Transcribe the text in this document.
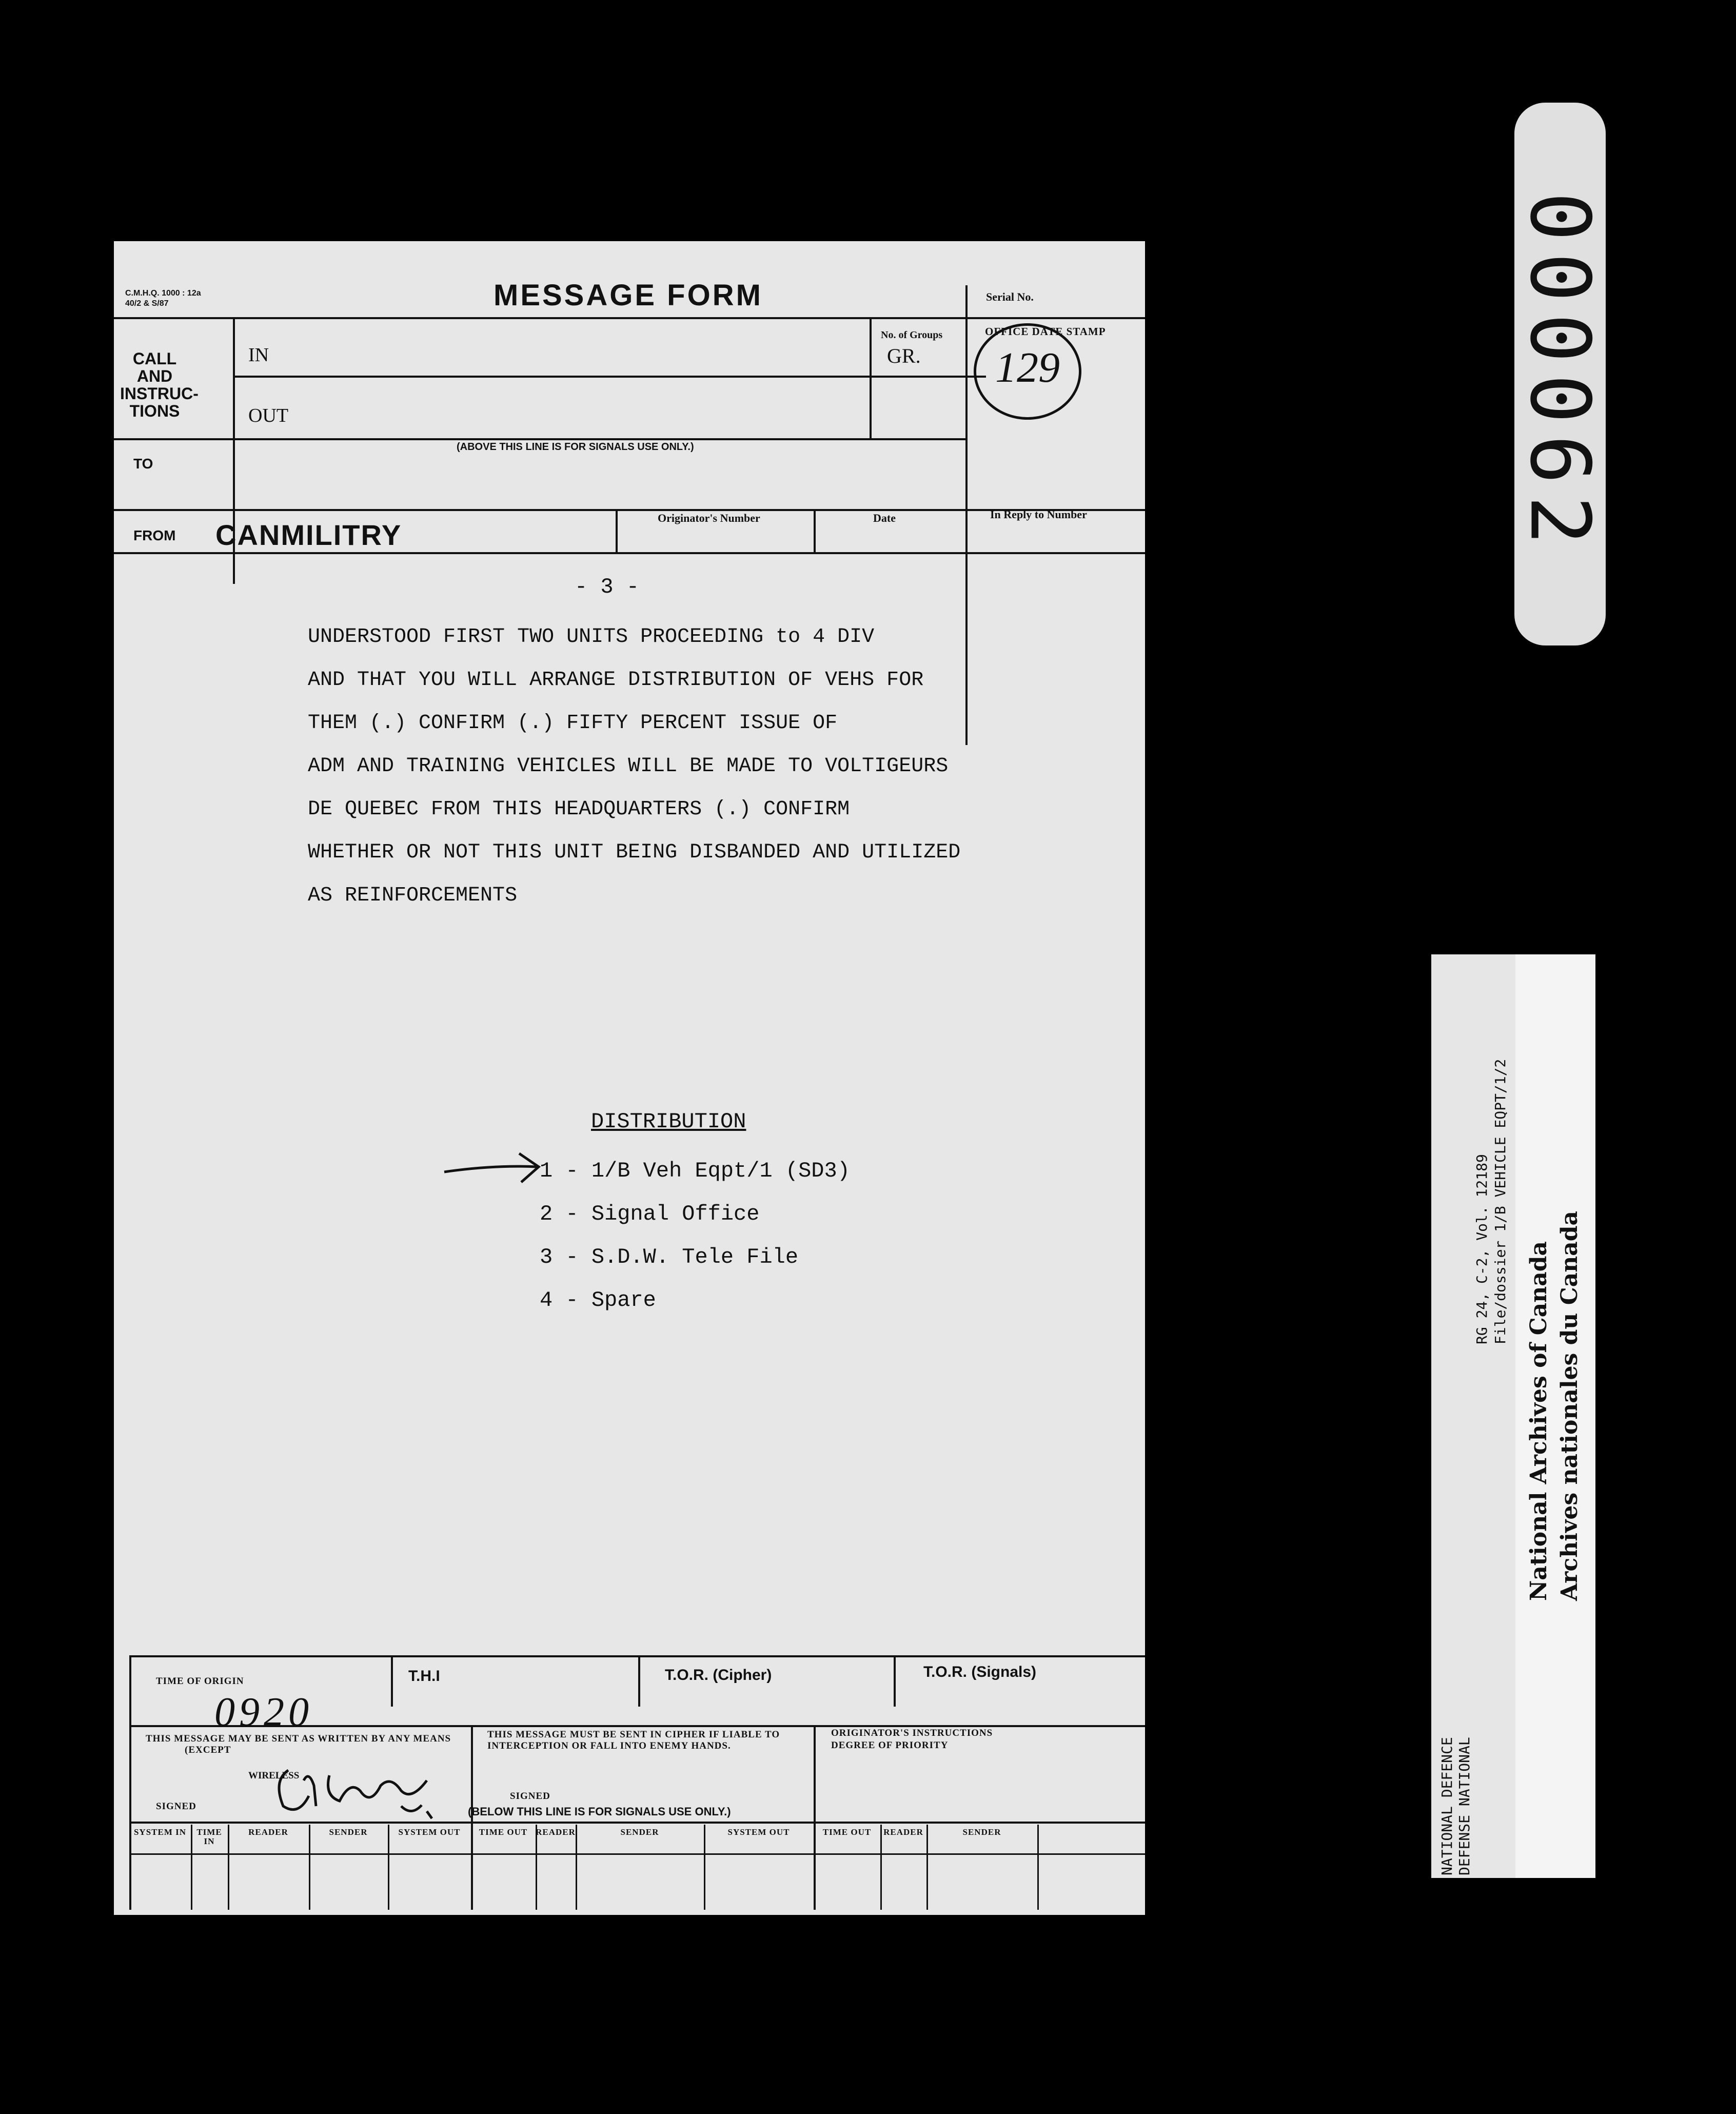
C.M.H.Q. 1000 : 12a
40/2 & S/87	MESSAGE FORM	Serial No.
CALL AND INSTRUC-TIONS
IN
OUT
No. of Groups
GR.
OFFICE DATE STAMP
129
(ABOVE THIS LINE IS FOR SIGNALS USE ONLY.)
TO
FROM CANMILITRY
Originator's Number	Date	In Reply to Number
- 3 -
UNDERSTOOD FIRST TWO UNITS PROCEEDING to 4 DIV
AND THAT YOU WILL ARRANGE DISTRIBUTION OF VEHS FOR
THEM (.) CONFIRM (.) FIFTY PERCENT ISSUE OF
ADM AND TRAINING VEHICLES WILL BE MADE TO VOLTIGEURS
DE QUEBEC FROM THIS HEADQUARTERS (.) CONFIRM
WHETHER OR NOT THIS UNIT BEING DISBANDED AND UTILIZED
AS REINFORCEMENTS
DISTRIBUTION
1 - 1/B Veh Eqpt/1 (SD3)
2 - Signal Office
3 - S.D.W. Tele File
4 - Spare
TIME OF ORIGIN
0920
T.H.I	T.O.R. (Cipher)	T.O.R. (Signals)
THIS MESSAGE MAY BE SENT AS WRITTEN BY ANY MEANS
(EXCEPT
WIRELESS
SIGNED
THIS MESSAGE MUST BE SENT IN CIPHER IF LIABLE TO
INTERCEPTION OR FALL INTO ENEMY HANDS.
SIGNED
ORIGINATOR'S INSTRUCTIONS
DEGREE OF PRIORITY
(BELOW THIS LINE IS FOR SIGNALS USE ONLY.)
SYSTEM IN	TIME IN
READER	SENDER	SYSTEM OUT	TIME OUT READER	SENDER	SYSTEM OUT	TIME OUT	READER	SENDER
000062
NATIONAL DEFENCE DEFENSE NATIONAL
RG 24, C-2, Vol. 12189 File/dossier 1/B VEHICLE EQPT/1/2
National Archives of Canada Archives nationales du Canada
